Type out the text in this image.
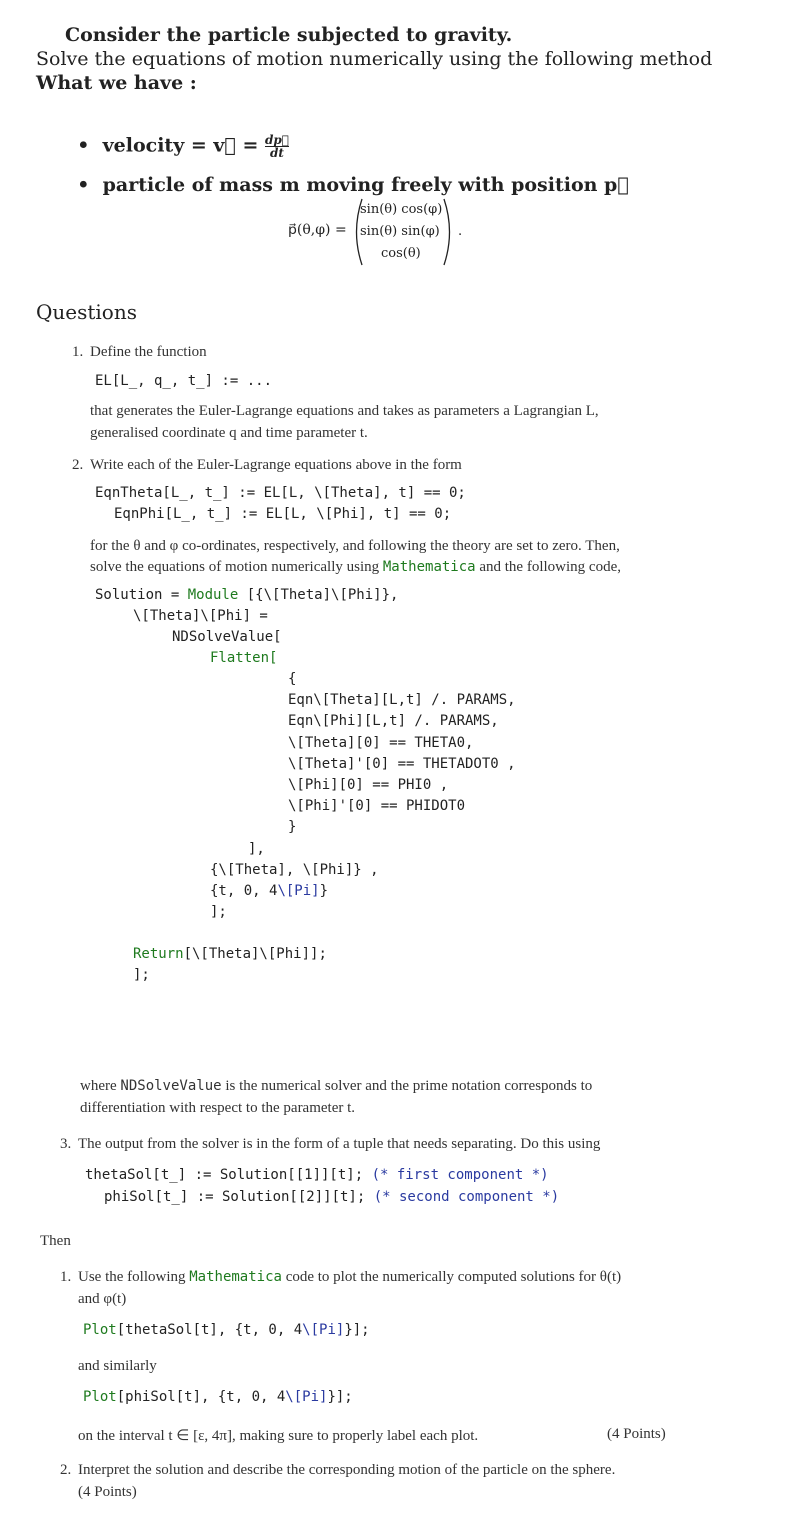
Consider the particle subjected to gravity.
Solve the equations of motion numerically using the following method
What we have :

• velocity = v⃗ = $\frac{dp⃗}{dt}$

• particle of mass m moving freely with position p⃗

p⃗(θ,φ) =
sin(θ) cos(φ)
sin(θ) sin(φ)
cos(θ)
.
Questions
1. Define the function
EL[L_, q_, t_] := ...
that generates the Euler-Lagrange equations and takes as parameters a Lagrangian L,
generalised coordinate q and time parameter t.
2. Write each of the Euler-Lagrange equations above in the form
EqnTheta[L_, t_] := EL[L, \[Theta], t] == 0;
EqnPhi[L_, t_] := EL[L, \[Phi], t] == 0;
for the θ and φ co-ordinates, respectively, and following the theory are set to zero. Then,
solve the equations of motion numerically using Mathematica and the following code,
Solution = Module [{\[Theta]\[Phi]},
\[Theta]\[Phi] =
NDSolveValue[
Flatten[
{
Eqn\[Theta][L,t] /. PARAMS,
Eqn\[Phi][L,t] /. PARAMS,
\[Theta][0] == THETA0,
\[Theta]'[0] == THETADOT0 ,
\[Phi][0] == PHI0 ,
\[Phi]'[0] == PHIDOT0
}
],
{\[Theta], \[Phi]} ,
{t, 0, 4\[Pi]}
];
Return[\[Theta]\[Phi]];
];
where NDSolveValue is the numerical solver and the prime notation corresponds to
differentiation with respect to the parameter t.
3. The output from the solver is in the form of a tuple that needs separating. Do this using
thetaSol[t_] := Solution[[1]][t]; (* first component *)
phiSol[t_] := Solution[[2]][t]; (* second component *)
Then
1. Use the following Mathematica code to plot the numerically computed solutions for θ(t)
and φ(t)
Plot[thetaSol[t], {t, 0, 4\[Pi]}];
and similarly
Plot[phiSol[t], {t, 0, 4\[Pi]}];
on the interval t ∈ [ε, 4π], making sure to properly label each plot.	(4 Points)
2. Interpret the solution and describe the corresponding motion of the particle on the sphere.
(4 Points)
